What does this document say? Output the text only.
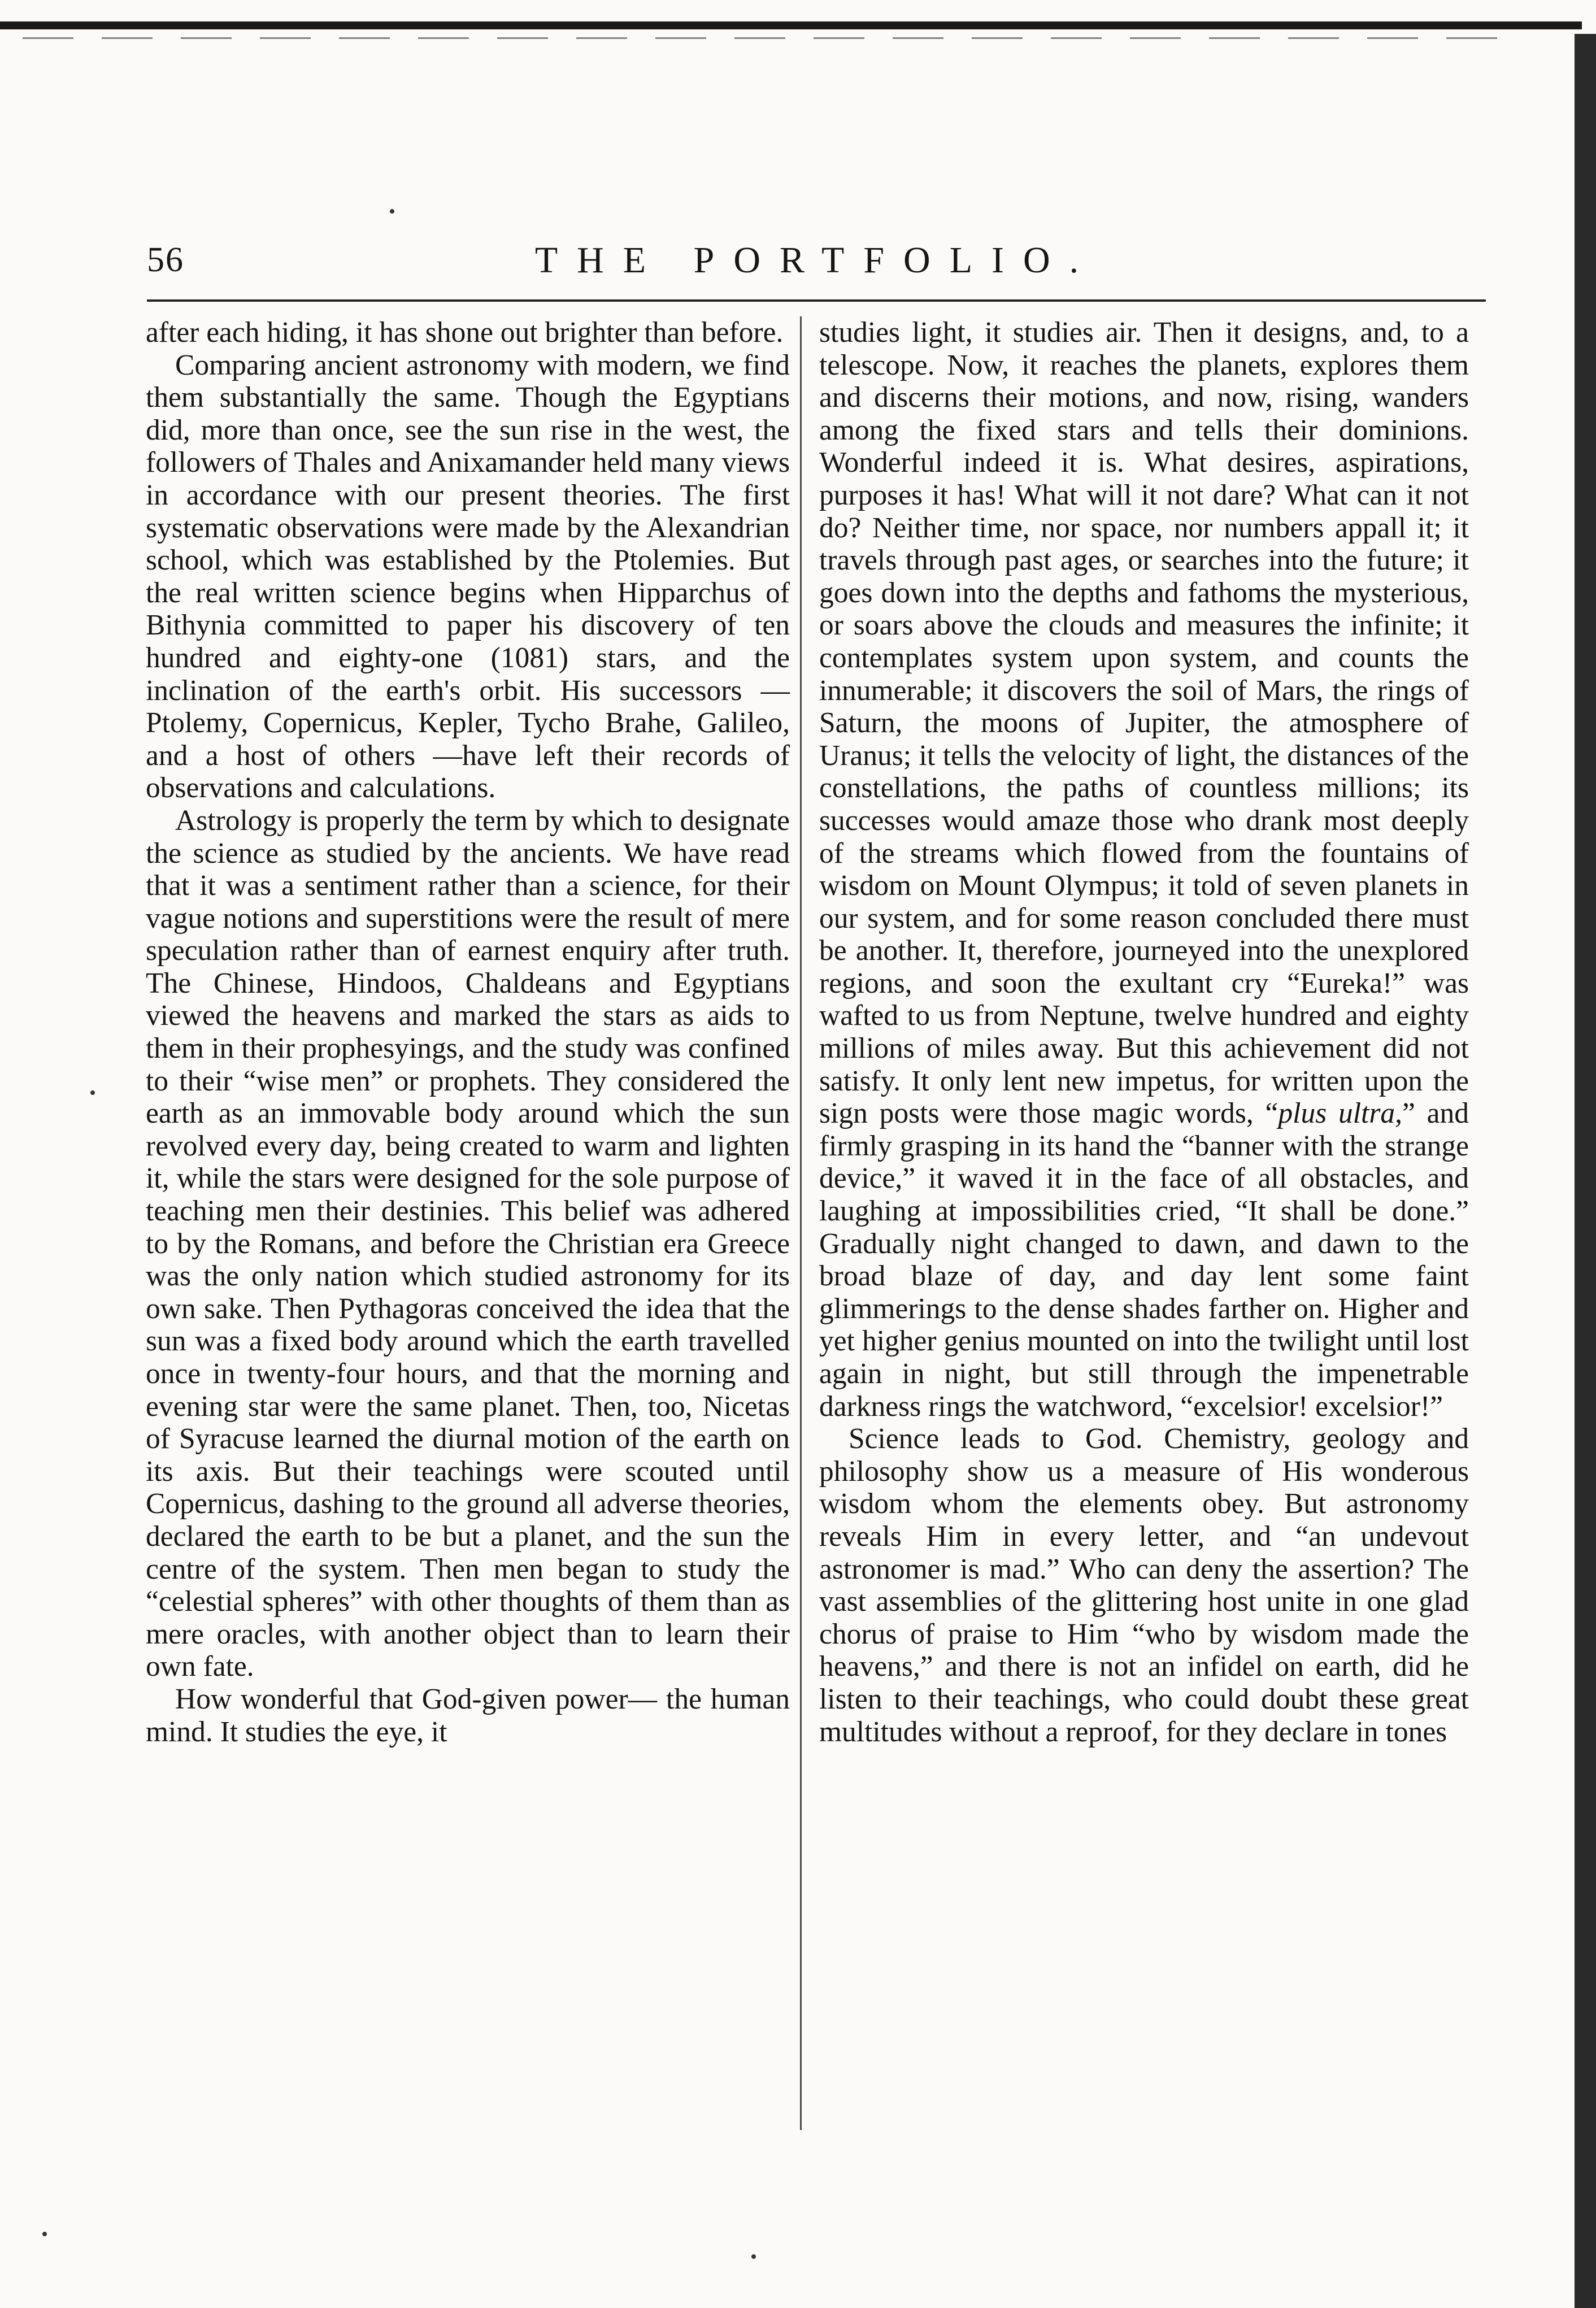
56	THE PORTFOLIO.

after each hiding, it has shone out brighter than before.

Comparing ancient astronomy with modern, we find them substantially the same. Though the Egyptians did, more than once, see the sun rise in the west, the followers of Thales and Anixamander held many views in accordance with our present theories. The first systematic observations were made by the Alexandrian school, which was established by the Ptolemies. But the real written science begins when Hipparchus of Bithynia committed to paper his discovery of ten hundred and eighty-one (1081) stars, and the inclination of the earth's orbit. His successors — Ptolemy, Copernicus, Kepler, Tycho Brahe, Galileo, and a host of others —have left their records of observations and calculations.

Astrology is properly the term by which to designate the science as studied by the ancients. We have read that it was a sentiment rather than a science, for their vague notions and superstitions were the result of mere speculation rather than of earnest enquiry after truth. The Chinese, Hindoos, Chaldeans and Egyptians viewed the heavens and marked the stars as aids to them in their prophesyings, and the study was confined to their “wise men” or prophets. They considered the earth as an immovable body around which the sun revolved every day, being created to warm and lighten it, while the stars were designed for the sole purpose of teaching men their destinies. This belief was adhered to by the Romans, and before the Christian era Greece was the only nation which studied astronomy for its own sake. Then Pythagoras conceived the idea that the sun was a fixed body around which the earth travelled once in twenty-four hours, and that the morning and evening star were the same planet. Then, too, Nicetas of Syracuse learned the diurnal motion of the earth on its axis. But their teachings were scouted until Copernicus, dashing to the ground all adverse theories, declared the earth to be but a planet, and the sun the centre of the system. Then men began to study the “celestial spheres” with other thoughts of them than as mere oracles, with another object than to learn their own fate.

How wonderful that God-given power— the human mind. It studies the eye, it

studies light, it studies air. Then it designs, and, to a telescope. Now, it reaches the planets, explores them and discerns their motions, and now, rising, wanders among the fixed stars and tells their dominions. Wonderful indeed it is. What desires, aspirations, purposes it has! What will it not dare? What can it not do? Neither time, nor space, nor numbers appall it; it travels through past ages, or searches into the future; it goes down into the depths and fathoms the mysterious, or soars above the clouds and measures the infinite; it contemplates system upon system, and counts the innumerable; it discovers the soil of Mars, the rings of Saturn, the moons of Jupiter, the atmosphere of Uranus; it tells the velocity of light, the distances of the constellations, the paths of countless millions; its successes would amaze those who drank most deeply of the streams which flowed from the fountains of wisdom on Mount Olympus; it told of seven planets in our system, and for some reason concluded there must be another. It, therefore, journeyed into the unexplored regions, and soon the exultant cry “Eureka!” was wafted to us from Neptune, twelve hundred and eighty millions of miles away. But this achievement did not satisfy. It only lent new impetus, for written upon the sign posts were those magic words, “plus ultra,” and firmly grasping in its hand the “banner with the strange device,” it waved it in the face of all obstacles, and laughing at impossibilities cried, “It shall be done.” Gradually night changed to dawn, and dawn to the broad blaze of day, and day lent some faint glimmerings to the dense shades farther on. Higher and yet higher genius mounted on into the twilight until lost again in night, but still through the impenetrable darkness rings the watchword, “excelsior! excelsior!”

Science leads to God. Chemistry, geology and philosophy show us a measure of His wonderous wisdom whom the elements obey. But astronomy reveals Him in every letter, and “an undevout astronomer is mad.” Who can deny the assertion? The vast assemblies of the glittering host unite in one glad chorus of praise to Him “who by wisdom made the heavens,” and there is not an infidel on earth, did he listen to their teachings, who could doubt these great multitudes without a reproof, for they declare in tones
